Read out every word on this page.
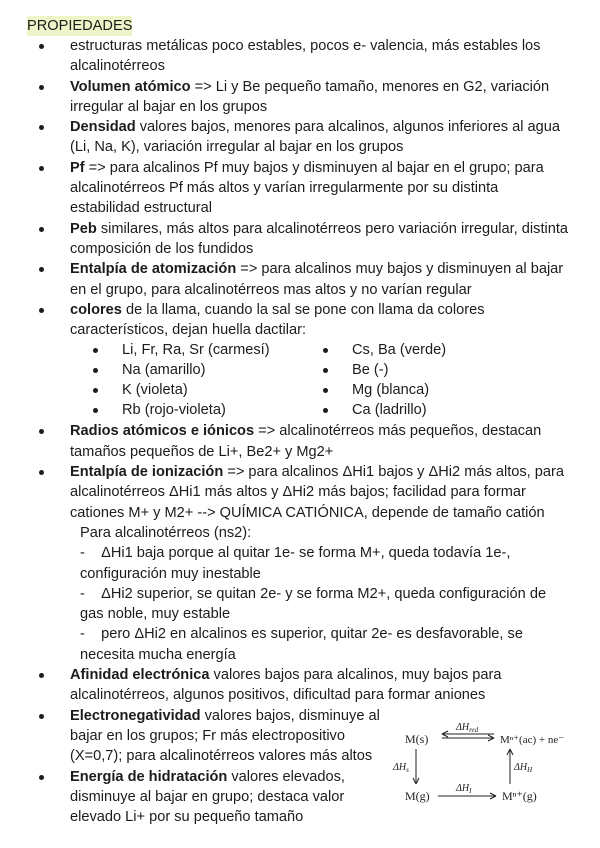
PROPIEDADES
estructuras metálicas poco estables, pocos e- valencia, más estables los alcalinotérreos
Volumen atómico => Li y Be pequeño tamaño, menores en G2, variación irregular al bajar en los grupos
Densidad valores bajos, menores para alcalinos, algunos inferiores al agua (Li, Na, K), variación irregular al bajar en los grupos
Pf => para alcalinos Pf muy bajos y disminuyen al bajar en el grupo; para alcalinotérreos Pf más altos y varían irregularmente por su distinta estabilidad estructural
Peb similares, más altos para alcalinotérreos pero variación irregular, distinta composición de los fundidos
Entalpía de atomización => para alcalinos muy bajos y disminuyen al bajar en el grupo, para alcalinotérreos mas altos y no varían regular
colores de la llama, cuando la sal se pone con llama da colores característicos, dejan huella dactilar:
Li, Fr, Ra, Sr (carmesí)
Na (amarillo)
K (violeta)
Rb (rojo-violeta)
Cs, Ba (verde)
Be (-)
Mg (blanca)
Ca (ladrillo)
Radios atómicos e iónicos => alcalinotérreos más pequeños, destacan tamaños pequeños de Li+, Be2+ y Mg2+
Entalpía de ionización => para alcalinos ΔHi1 bajos y ΔHi2 más altos, para alcalinotérreos ΔHi1 más altos y ΔHi2 más bajos; facilidad para formar cationes M+ y M2+ --> QUÍMICA CATIÓNICA, depende de tamaño catión
Para alcalinotérreos (ns2):
- ΔHi1 baja porque al quitar 1e- se forma M+, queda todavía 1e-, configuración muy inestable
- ΔHi2 superior, se quitan 2e- y se forma M2+, queda configuración de gas noble, muy estable
- pero ΔHi2 en alcalinos es superior, quitar 2e- es desfavorable, se necesita mucha energía
Afinidad electrónica valores bajos para alcalinos, muy bajos para alcalinotérreos, algunos positivos, dificultad para formar aniones
Electronegatividad valores bajos, disminuye al bajar en los grupos; Fr más electropositivo (X=0,7); para alcalinotérreos valores más altos
Energía de hidratación valores elevados, disminuye al bajar en grupo; destaca valor elevado Li+ por su pequeño tamaño
M(s)	Mⁿ⁺(ac) + ne⁻
M(g)	Mⁿ⁺(g)
$\Delta H_{red}$
$\Delta H_s$
$\Delta H_I$
$\Delta H_H$
